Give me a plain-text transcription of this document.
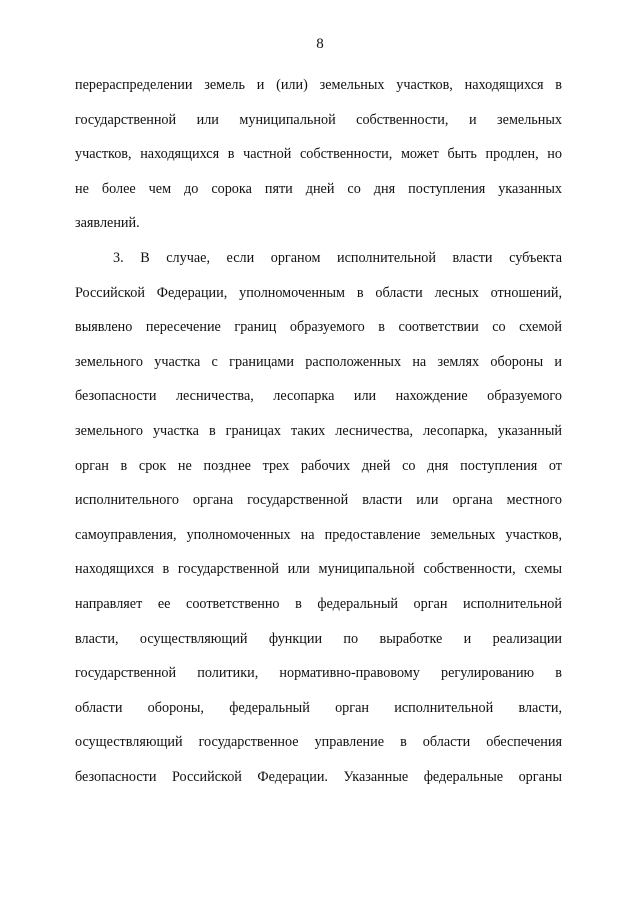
8
перераспределении земель и (или) земельных участков, находящихся в
государственной или муниципальной собственности, и земельных
участков, находящихся в частной собственности, может быть продлен, но
не более чем до сорока пяти дней со дня поступления указанных
заявлений.
3. В случае, если органом исполнительной власти субъекта
Российской Федерации, уполномоченным в области лесных отношений,
выявлено пересечение границ образуемого в соответствии со схемой
земельного участка с границами расположенных на землях обороны и
безопасности лесничества, лесопарка или нахождение образуемого
земельного участка в границах таких лесничества, лесопарка, указанный
орган в срок не позднее трех рабочих дней со дня поступления от
исполнительного органа государственной власти или органа местного
самоуправления, уполномоченных на предоставление земельных участков,
находящихся в государственной или муниципальной собственности, схемы
направляет ее соответственно в федеральный орган исполнительной
власти, осуществляющий функции по выработке и реализации
государственной политики, нормативно-правовому регулированию в
области обороны, федеральный орган исполнительной власти,
осуществляющий государственное управление в области обеспечения
безопасности Российской Федерации. Указанные федеральные органы
